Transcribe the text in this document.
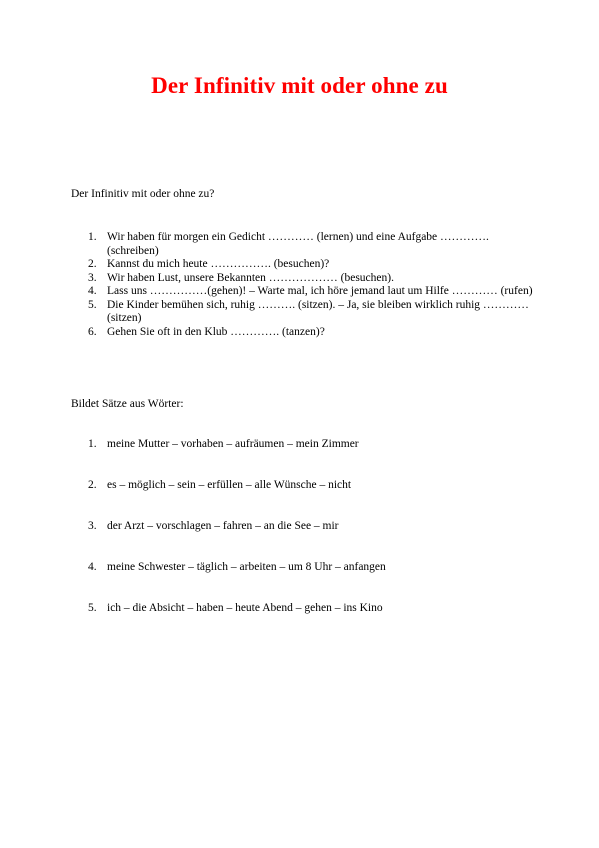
Der Infinitiv mit oder ohne zu
Der Infinitiv mit oder ohne zu?
1. Wir haben für morgen ein Gedicht ………… (lernen) und eine Aufgabe …………. (schreiben)
2. Kannst du mich heute ……………. (besuchen)?
3. Wir haben Lust, unsere Bekannten ……………… (besuchen).
4. Lass uns ……………(gehen)! – Warte mal, ich höre jemand laut um Hilfe ………… (rufen)
5. Die Kinder bemühen sich, ruhig ………. (sitzen). – Ja, sie bleiben wirklich ruhig …………(sitzen)
6. Gehen Sie oft in den Klub …………. (tanzen)?
Bildet Sätze aus Wörter:
1. meine Mutter – vorhaben – aufräumen – mein Zimmer
2. es – möglich – sein – erfüllen – alle Wünsche – nicht
3. der Arzt – vorschlagen – fahren – an die See – mir
4. meine Schwester – täglich – arbeiten – um 8 Uhr – anfangen
5. ich – die Absicht – haben – heute Abend – gehen – ins Kino
